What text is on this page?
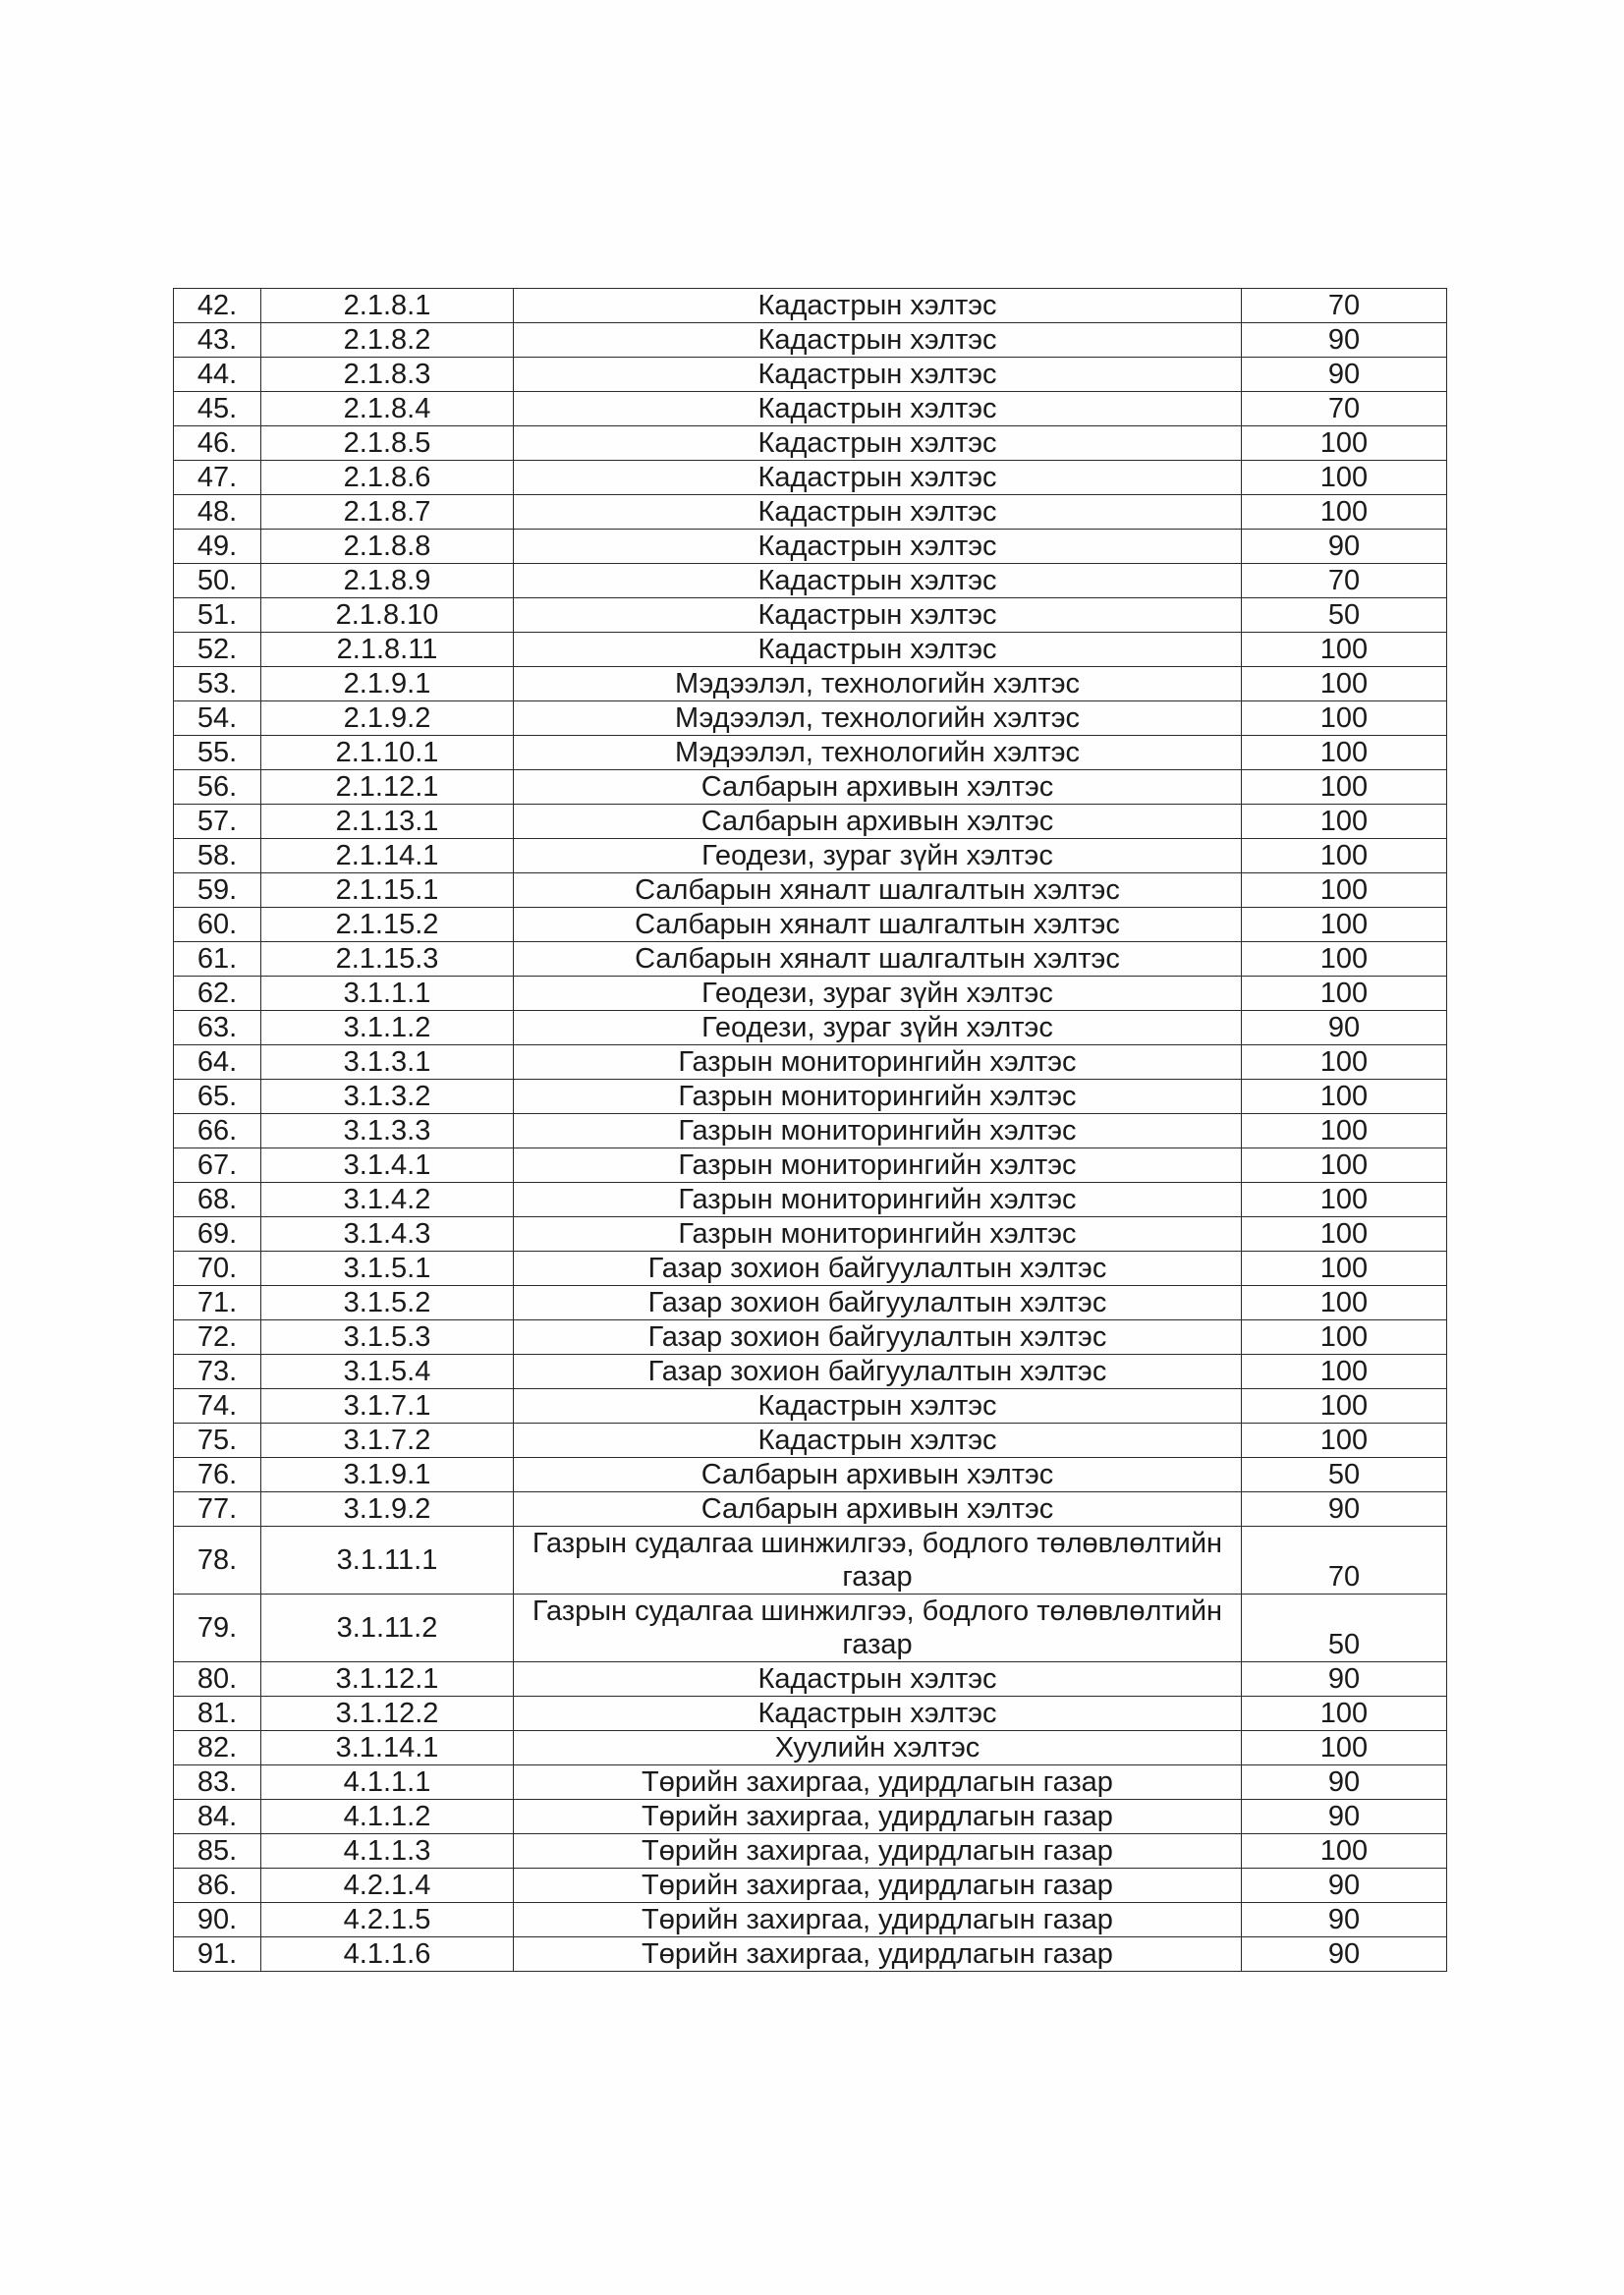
42.	2.1.8.1	Кадастрын хэлтэс	70
43.	2.1.8.2	Кадастрын хэлтэс	90
44.	2.1.8.3	Кадастрын хэлтэс	90
45.	2.1.8.4	Кадастрын хэлтэс	70
46.	2.1.8.5	Кадастрын хэлтэс	100
47.	2.1.8.6	Кадастрын хэлтэс	100
48.	2.1.8.7	Кадастрын хэлтэс	100
49.	2.1.8.8	Кадастрын хэлтэс	90
50.	2.1.8.9	Кадастрын хэлтэс	70
51.	2.1.8.10	Кадастрын хэлтэс	50
52.	2.1.8.11	Кадастрын хэлтэс	100
53.	2.1.9.1	Мэдээлэл, технологийн хэлтэс	100
54.	2.1.9.2	Мэдээлэл, технологийн хэлтэс	100
55.	2.1.10.1	Мэдээлэл, технологийн хэлтэс	100
56.	2.1.12.1	Салбарын архивын хэлтэс	100
57.	2.1.13.1	Салбарын архивын хэлтэс	100
58.	2.1.14.1	Геодези, зураг зүйн хэлтэс	100
59.	2.1.15.1	Салбарын хяналт шалгалтын хэлтэс	100
60.	2.1.15.2	Салбарын хяналт шалгалтын хэлтэс	100
61.	2.1.15.3	Салбарын хяналт шалгалтын хэлтэс	100
62.	3.1.1.1	Геодези, зураг зүйн хэлтэс	100
63.	3.1.1.2	Геодези, зураг зүйн хэлтэс	90
64.	3.1.3.1	Газрын мониторингийн хэлтэс	100
65.	3.1.3.2	Газрын мониторингийн хэлтэс	100
66.	3.1.3.3	Газрын мониторингийн хэлтэс	100
67.	3.1.4.1	Газрын мониторингийн хэлтэс	100
68.	3.1.4.2	Газрын мониторингийн хэлтэс	100
69.	3.1.4.3	Газрын мониторингийн хэлтэс	100
70.	3.1.5.1	Газар зохион байгуулалтын хэлтэс	100
71.	3.1.5.2	Газар зохион байгуулалтын хэлтэс	100
72.	3.1.5.3	Газар зохион байгуулалтын хэлтэс	100
73.	3.1.5.4	Газар зохион байгуулалтын хэлтэс	100
74.	3.1.7.1	Кадастрын хэлтэс	100
75.	3.1.7.2	Кадастрын хэлтэс	100
76.	3.1.9.1	Салбарын архивын хэлтэс	50
77.	3.1.9.2	Салбарын архивын хэлтэс	90
78.	3.1.11.1	Газрын судалгаа шинжилгээ, бодлого төлөвлөлтийн газар	70
79.	3.1.11.2	Газрын судалгаа шинжилгээ, бодлого төлөвлөлтийн газар	50
80.	3.1.12.1	Кадастрын хэлтэс	90
81.	3.1.12.2	Кадастрын хэлтэс	100
82.	3.1.14.1	Хуулийн хэлтэс	100
83.	4.1.1.1	Төрийн захиргаа, удирдлагын газар	90
84.	4.1.1.2	Төрийн захиргаа, удирдлагын газар	90
85.	4.1.1.3	Төрийн захиргаа, удирдлагын газар	100
86.	4.2.1.4	Төрийн захиргаа, удирдлагын газар	90
90.	4.2.1.5	Төрийн захиргаа, удирдлагын газар	90
91.	4.1.1.6	Төрийн захиргаа, удирдлагын газар	90
